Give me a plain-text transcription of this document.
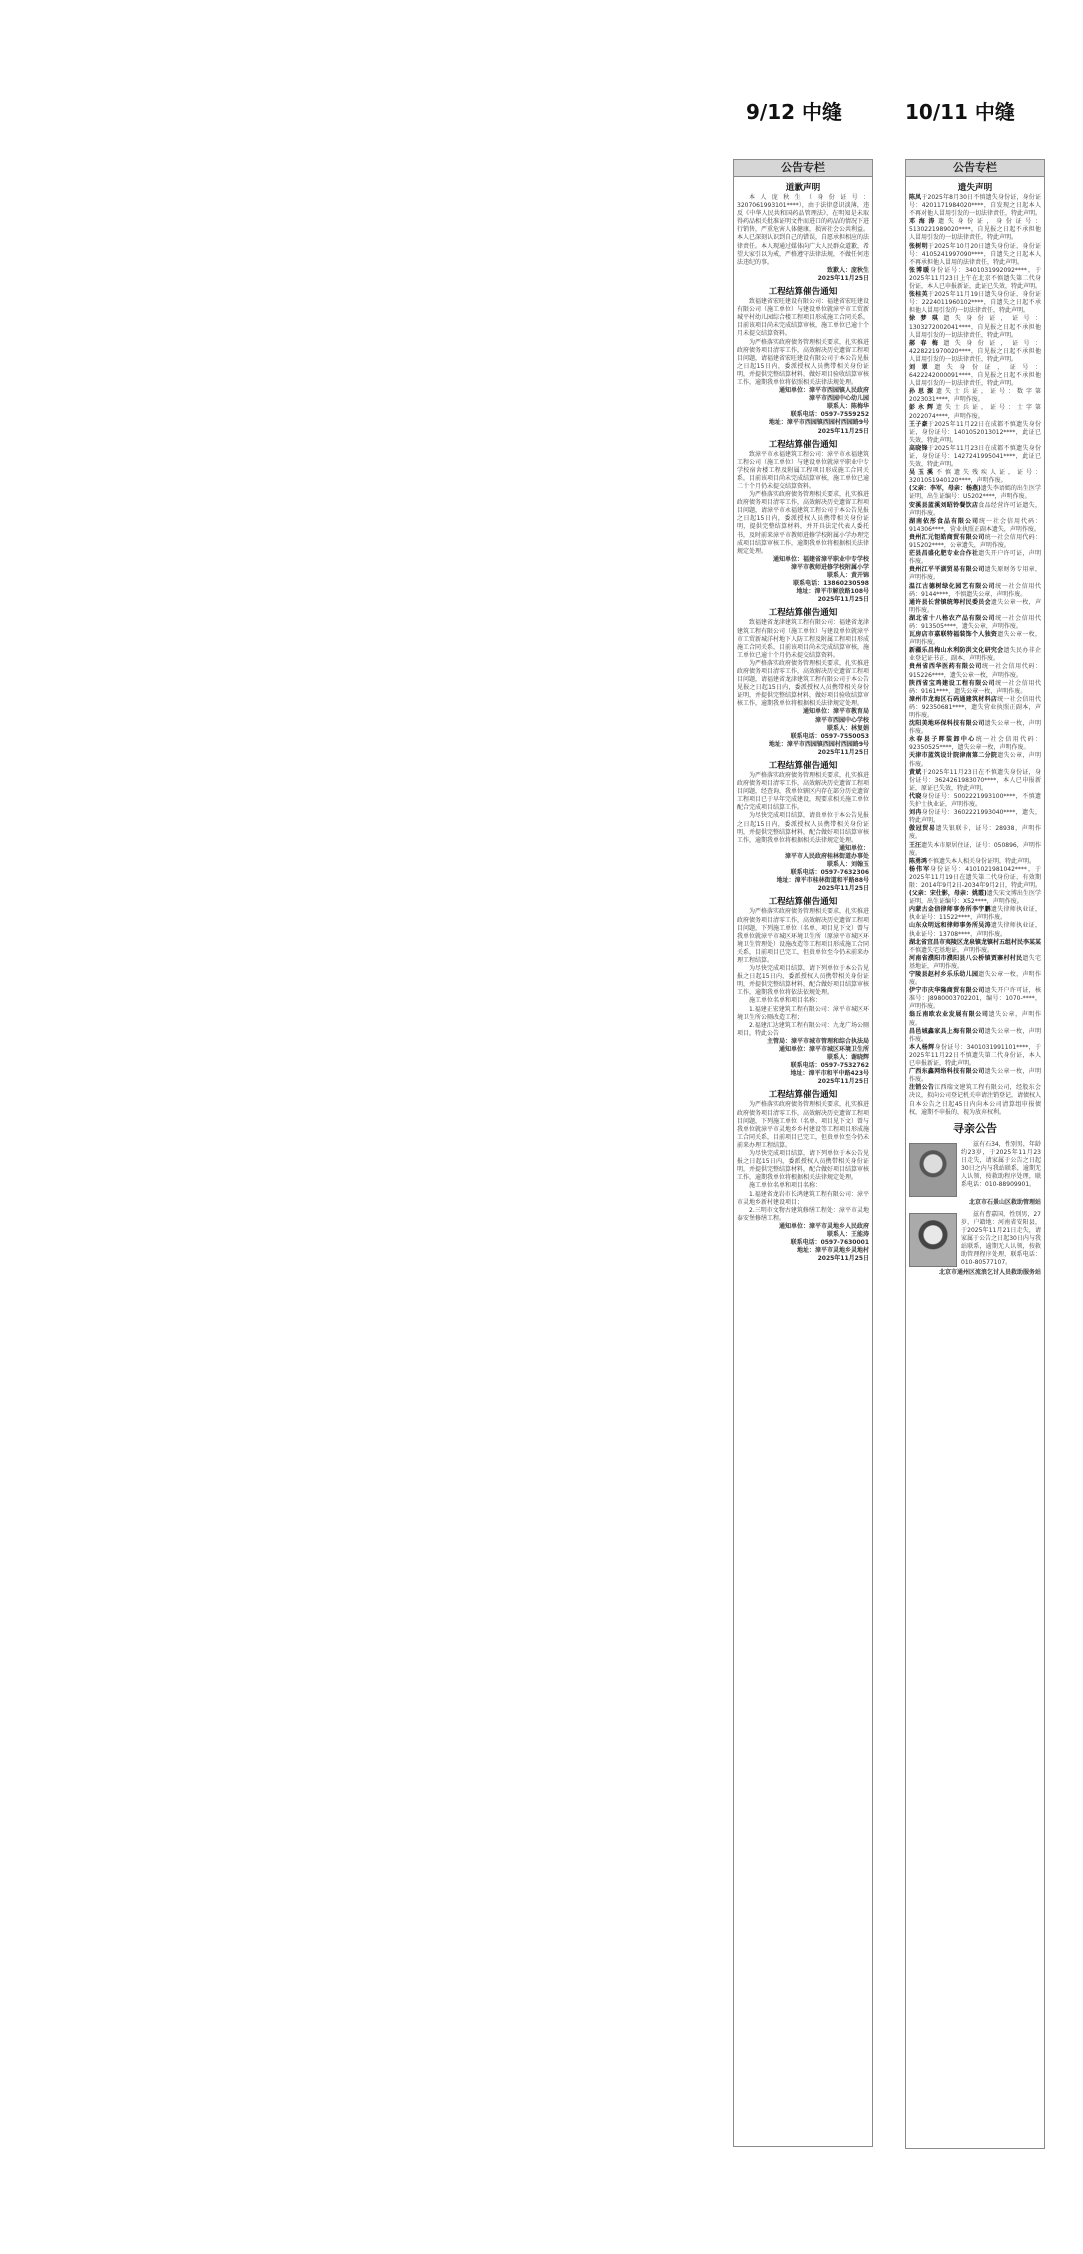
9/12 中缝	10/11 中缝
公告专栏
道歉声明

本人庞秋生（身份证号：3207061993101****），由于法律意识淡薄，违反《中华人民共和国药品管理法》，在明知是未取得药品相关批准证明文件而进口的药品的情况下进行销售，严重危害人体健康，损害社会公共利益。本人已深刻认识到自己的错误，自愿承担相应的法律责任。本人现通过媒体向广大人民群众道歉，希望大家引以为戒，严格遵守法律法规，不做任何违法违纪的事。

致歉人：庞秋生

2025年11月25日

工程结算催告通知

致福建省宏旺建设有限公司：福建省宏旺建设有限公司（施工单位）与建设单位就漳平市工贸新城平村幼儿园综合楼工程项目形成施工合同关系，目前该项目尚未完成结算审核，施工单位已逾十个月未提交结算资料。

为严格落实政府债务管理相关要求，扎实推进政府债务项目清零工作，高效解决历史遗留工程项目问题，请福建省宏旺建设有限公司于本公告见报之日起15日内，委派授权人员携带相关身份证明，并提供完整结算材料，做好项目验收结算审核工作，逾期我单位将依照相关法律法规处理。

通知单位：漳平市西园镇人民政府

漳平市西园中心幼儿园

联系人：陈梅华

联系电话：0597-7559252

地址：漳平市西园镇西园村西园路9号

2025年11月25日

工程结算催告通知

致漳平市永福建筑工程公司：漳平市永福建筑工程公司（施工单位）与建设单位就漳平职业中专学校宿舍楼工程及附属工程项目形成施工合同关系，目前该项目尚未完成结算审核，施工单位已逾二十个月仍未提交结算资料。

为严格落实政府债务管理相关要求，扎实推进政府债务项目清零工作，高效解决历史遗留工程项目问题，请漳平市永福建筑工程公司于本公告见报之日起15日内，委派授权人员携带相关身份证明，提供完整结算材料，并开具法定代表人委托书，及时前来漳平市教师进修学校附属小学办理完成项目结算审核工作，逾期我单位将根据相关法律规定处理。

通知单位：福建省漳平职业中专学校

漳平市教师进修学校附属小学

联系人：黄开锦

联系电话：13860230598

地址：漳平市解放路108号

2025年11月25日

工程结算催告通知

致福建省龙津建筑工程有限公司：福建省龙津建筑工程有限公司（施工单位）与建设单位就漳平市工贸新城洋村地下人防工程及附属工程项目形成施工合同关系，目前该项目尚未完成结算审核，施工单位已逾十个月仍未提交结算资料。

为严格落实政府债务管理相关要求，扎实推进政府债务项目清零工作，高效解决历史遗留工程项目问题，请福建省龙津建筑工程有限公司于本公告见报之日起15日内，委派授权人员携带相关身份证明，并提供完整结算材料，做好项目验收结算审核工作，逾期我单位将根据相关法律规定处理。

通知单位：漳平市教育局

漳平市西园中心学校

联系人：林复娟

联系电话：0597-7550053

地址：漳平市西园镇西园村西园路9号

2025年11月25日

工程结算催告通知

为严格落实政府债务管理相关要求，扎实推进政府债务项目清零工作，高效解决历史遗留工程项目问题，经查询，我单位辖区内存在部分历史遗留工程项目已于早年完成建设，现要求相关施工单位配合完成项目结算工作。

为尽快完成项目结算，请贵单位于本公告见报之日起15日内，委派授权人员携带相关身份证明，并提供完整结算材料，配合做好项目结算审核工作，逾期我单位将根据相关法律规定处理。

通知单位：

漳平市人民政府桂林街道办事处

联系人：刘翰玉

联系电话：0597-7632306

地址：漳平市桂林街道和平路88号

2025年11月25日

工程结算催告通知

为严格落实政府债务管理相关要求，扎实推进政府债务项目清零工作，高效解决历史遗留工程项目问题，下列施工单位（名单、项目见下文）曾与我单位就漳平市城区环境卫生所（原漳平市城区环境卫生管理处）设施改造等工程项目形成施工合同关系，目前项目已完工，但贵单位至今仍未前来办理工程结算。

为尽快完成项目结算，请下列单位于本公告见报之日起15日内，委派授权人员携带相关身份证明，并提供完整结算材料，配合做好项目结算审核工作，逾期我单位将依法依规处理。

施工单位名单和项目名称：

1.福建正宏建筑工程有限公司：漳平市城区环境卫生所公厕改造工程；

2.福建汇达建筑工程有限公司：九龙广场公厕项目，特此公告

主管局：漳平市城市管理和综合执法局

通知单位：漳平市城区环境卫生所

联系人：谢晓辉

联系电话：0597-7532762

地址：漳平市和平中路423号

2025年11月25日

工程结算催告通知

为严格落实政府债务管理相关要求，扎实推进政府债务项目清零工作，高效解决历史遗留工程项目问题，下列施工单位（名单、项目见下文）曾与我单位就漳平市灵地乡乡村建设等工程项目形成施工合同关系，目前项目已完工，但贵单位至今仍未前来办理工程结算。

为尽快完成项目结算，请下列单位于本公告见报之日起15日内，委派授权人员携带相关身份证明，并提供完整结算材料，配合做好项目结算审核工作，逾期我单位将根据相关法律规定处理。

施工单位名单和项目名称：

1.福建省龙岩市长鸿建筑工程有限公司：漳平市灵地乡新村建设项目；

2.三明市文物古建筑修缮工程处：漳平市灵地泰安堡修缮工程。

通知单位：漳平市灵地乡人民政府

联系人：王能涛

联系电话：0597-7630001

地址：漳平市灵地乡灵地村

2025年11月25日

公告专栏
遗失声明

陈凤于2025年8月30日不慎遗失身份证，身份证号：4201171984020****，自发现之日起本人不再对他人冒用引发的一切法律责任，特此声明。

邓海涛遗失身份证，身份证号：5130221989020****，自见报之日起不承担他人冒用引发的一切法律责任，特此声明。

张树明于2025年10月20日遗失身份证，身份证号：4105241997090****，自遗失之日起本人不再承担他人冒用的法律责任，特此声明。

张博暖身份证号：3401031992092****，于2025年11月23日上午在北京不慎遗失第二代身份证，本人已申报新证，此证已失效，特此声明。

张桂英于2025年11月19日遗失身份证，身份证号：2224011960102****，自遗失之日起不承担他人冒用引发的一切法律责任，特此声明。

徐梦琪遗失身份证，证号：1303272002041****，自见报之日起不承担他人冒用引发的一切法律责任，特此声明。

郝春梅遗失身份证，证号：4228221970020****，自见报之日起不承担他人冒用引发的一切法律责任，特此声明。

刘翠遗失身份证，证号：6422242000091****，自见报之日起不承担他人冒用引发的一切法律责任，特此声明。

孙思源遗失士兵证，证号：数字第2023031****，声明作废。

彭永辉遗失士兵证，证号：士字第2022074****，声明作废。

王子豪于2025年11月22日在成都不慎遗失身份证，身份证号：1401052013012****，此证已失效，特此声明。

高晓锋于2025年11月23日在成都不慎遗失身份证，身份证号：1427241995041****，此证已失效，特此声明。

吴玉溪不慎遗失残疾人证，证号：3201051940120****，声明作废。

(父亲：李军，母亲：杨燕)遗失李语嫣的出生医学证明，出生证编号：U5202****，声明作废。

安溪县蓝溪刘昭铃餐饮店食品经营许可证遗失，声明作废。

湖南依彤食品有限公司统一社会信用代码：914306****，营业执照正副本遗失，声明作废。

贵州汇元钜皓商贸有限公司统一社会信用代码：915202****，公章遗失，声明作废。

茫县昌盛化肥专业合作社遗失开户许可证，声明作废。

贵州江平平湖贸易有限公司遗失原财务专用章，声明作废。

温江古德树绿化园艺有限公司统一社会信用代码：9144****，不慎遗失公章，声明作废。

通许县长营镇统筹村民委员会遗失公章一枚，声明作废。

湖北省十八格农产品有限公司统一社会信用代码：913505****，遗失公章，声明作废。

瓦房店市嘉联特福装饰个人独资遗失公章一枚，声明作废。

新疆乐昌梅山水利防洪文化研究会遗失民办非企业登记证书正、副本，声明作废。

贵州省西华医药有限公司统一社会信用代码：915226****，遗失公章一枚，声明作废。

陕西省宝鸡建设工程有限公司统一社会信用代码：9161****，遗失公章一枚，声明作废。

漳州市龙海区石码通建筑材料店统一社会信用代码：92350681****，遗失营业执照正副本，声明作废。

沈阳美地环保科技有限公司遗失公章一枚，声明作废。

永春县子晖装卸中心统一社会信用代码：92350525****，遗失公章一枚，声明作废。

天津市蓝筑设计院津南第二分院遗失公章，声明作废。

黄斌于2025年11月23日在不慎遗失身份证，身份证号：3624261983070****，本人已申报新证，原证已失效，特此声明。

代晓身份证号：5002221993100****，不慎遗失护士执业证，声明作废。

刘冉身份证号：3602221993040****，遗失，特此声明。

傲冠贸易遗失银联卡，证号：28938，声明作废。

王汪遗失本市原居住证，证号：050896，声明作废。

陈勇鸿不慎遗失本人相关身份证明，特此声明。

杨伟军身份证号：4101021981042****，于2025年11月19日在遗失第二代身份证，有效期限：2014年9月2日-2034年9月2日，特此声明。

(父亲：宋仕影，母亲：姚霞)遗失宋文博出生医学证明，出生证编号：X52****，声明作废。

内蒙古金信律师事务所李宇鹏遗失律师执业证，执业证号：11522****，声明作废。

山东众明远和律师事务所吴涛遗失律师执业证，执业证号：13708****，声明作废。

湖北省宜昌市夷陵区龙泉镇龙镇村五组村民李某某不慎遗失宅基地证，声明作废。

河南省濮阳市濮阳县八公桥镇贾寨村村民遗失宅基地证，声明作废。

宁陵县赵村乡乐乐幼儿园遗失公章一枚，声明作废。

伊宁市庆华隆商贸有限公司遗失开户许可证，核准号：J8980003702201，编号：1070-****，声明作废。

翁丘南欧农业发展有限公司遗失公章，声明作废。

昌邑城鑫家具上海有限公司遗失公章一枚，声明作废。

本人杨辉身份证号：3401031991101****，于2025年11月22日不慎遗失第二代身份证，本人已申报新证，特此声明。

广西东鑫网络科技有限公司遗失公章一枚，声明作废。

注销公告江西瑞文建筑工程有限公司，经股东会决议，拟向公司登记机关申请注销登记，请债权人自本公告之日起45日内向本公司清算组申报债权，逾期不申报的，视为放弃权利。

寻亲公告

兹有石34，性别男，年龄约23岁，于2025年11月23日走失，请家属于公告之日起30日之内与我站联系，逾期无人认领，按救助程序处理，联系电话：010-88909901。

北京市石景山区救助管理站

兹有曹嘉国，性别男，27岁，户籍地：河南省安阳县，于2025年11月21日走失，请家属于公告之日起30日内与我站联系，逾期无人认领，按救助管理程序处理，联系电话：010-80577107。

北京市通州区流浪乞讨人员救助服务站
